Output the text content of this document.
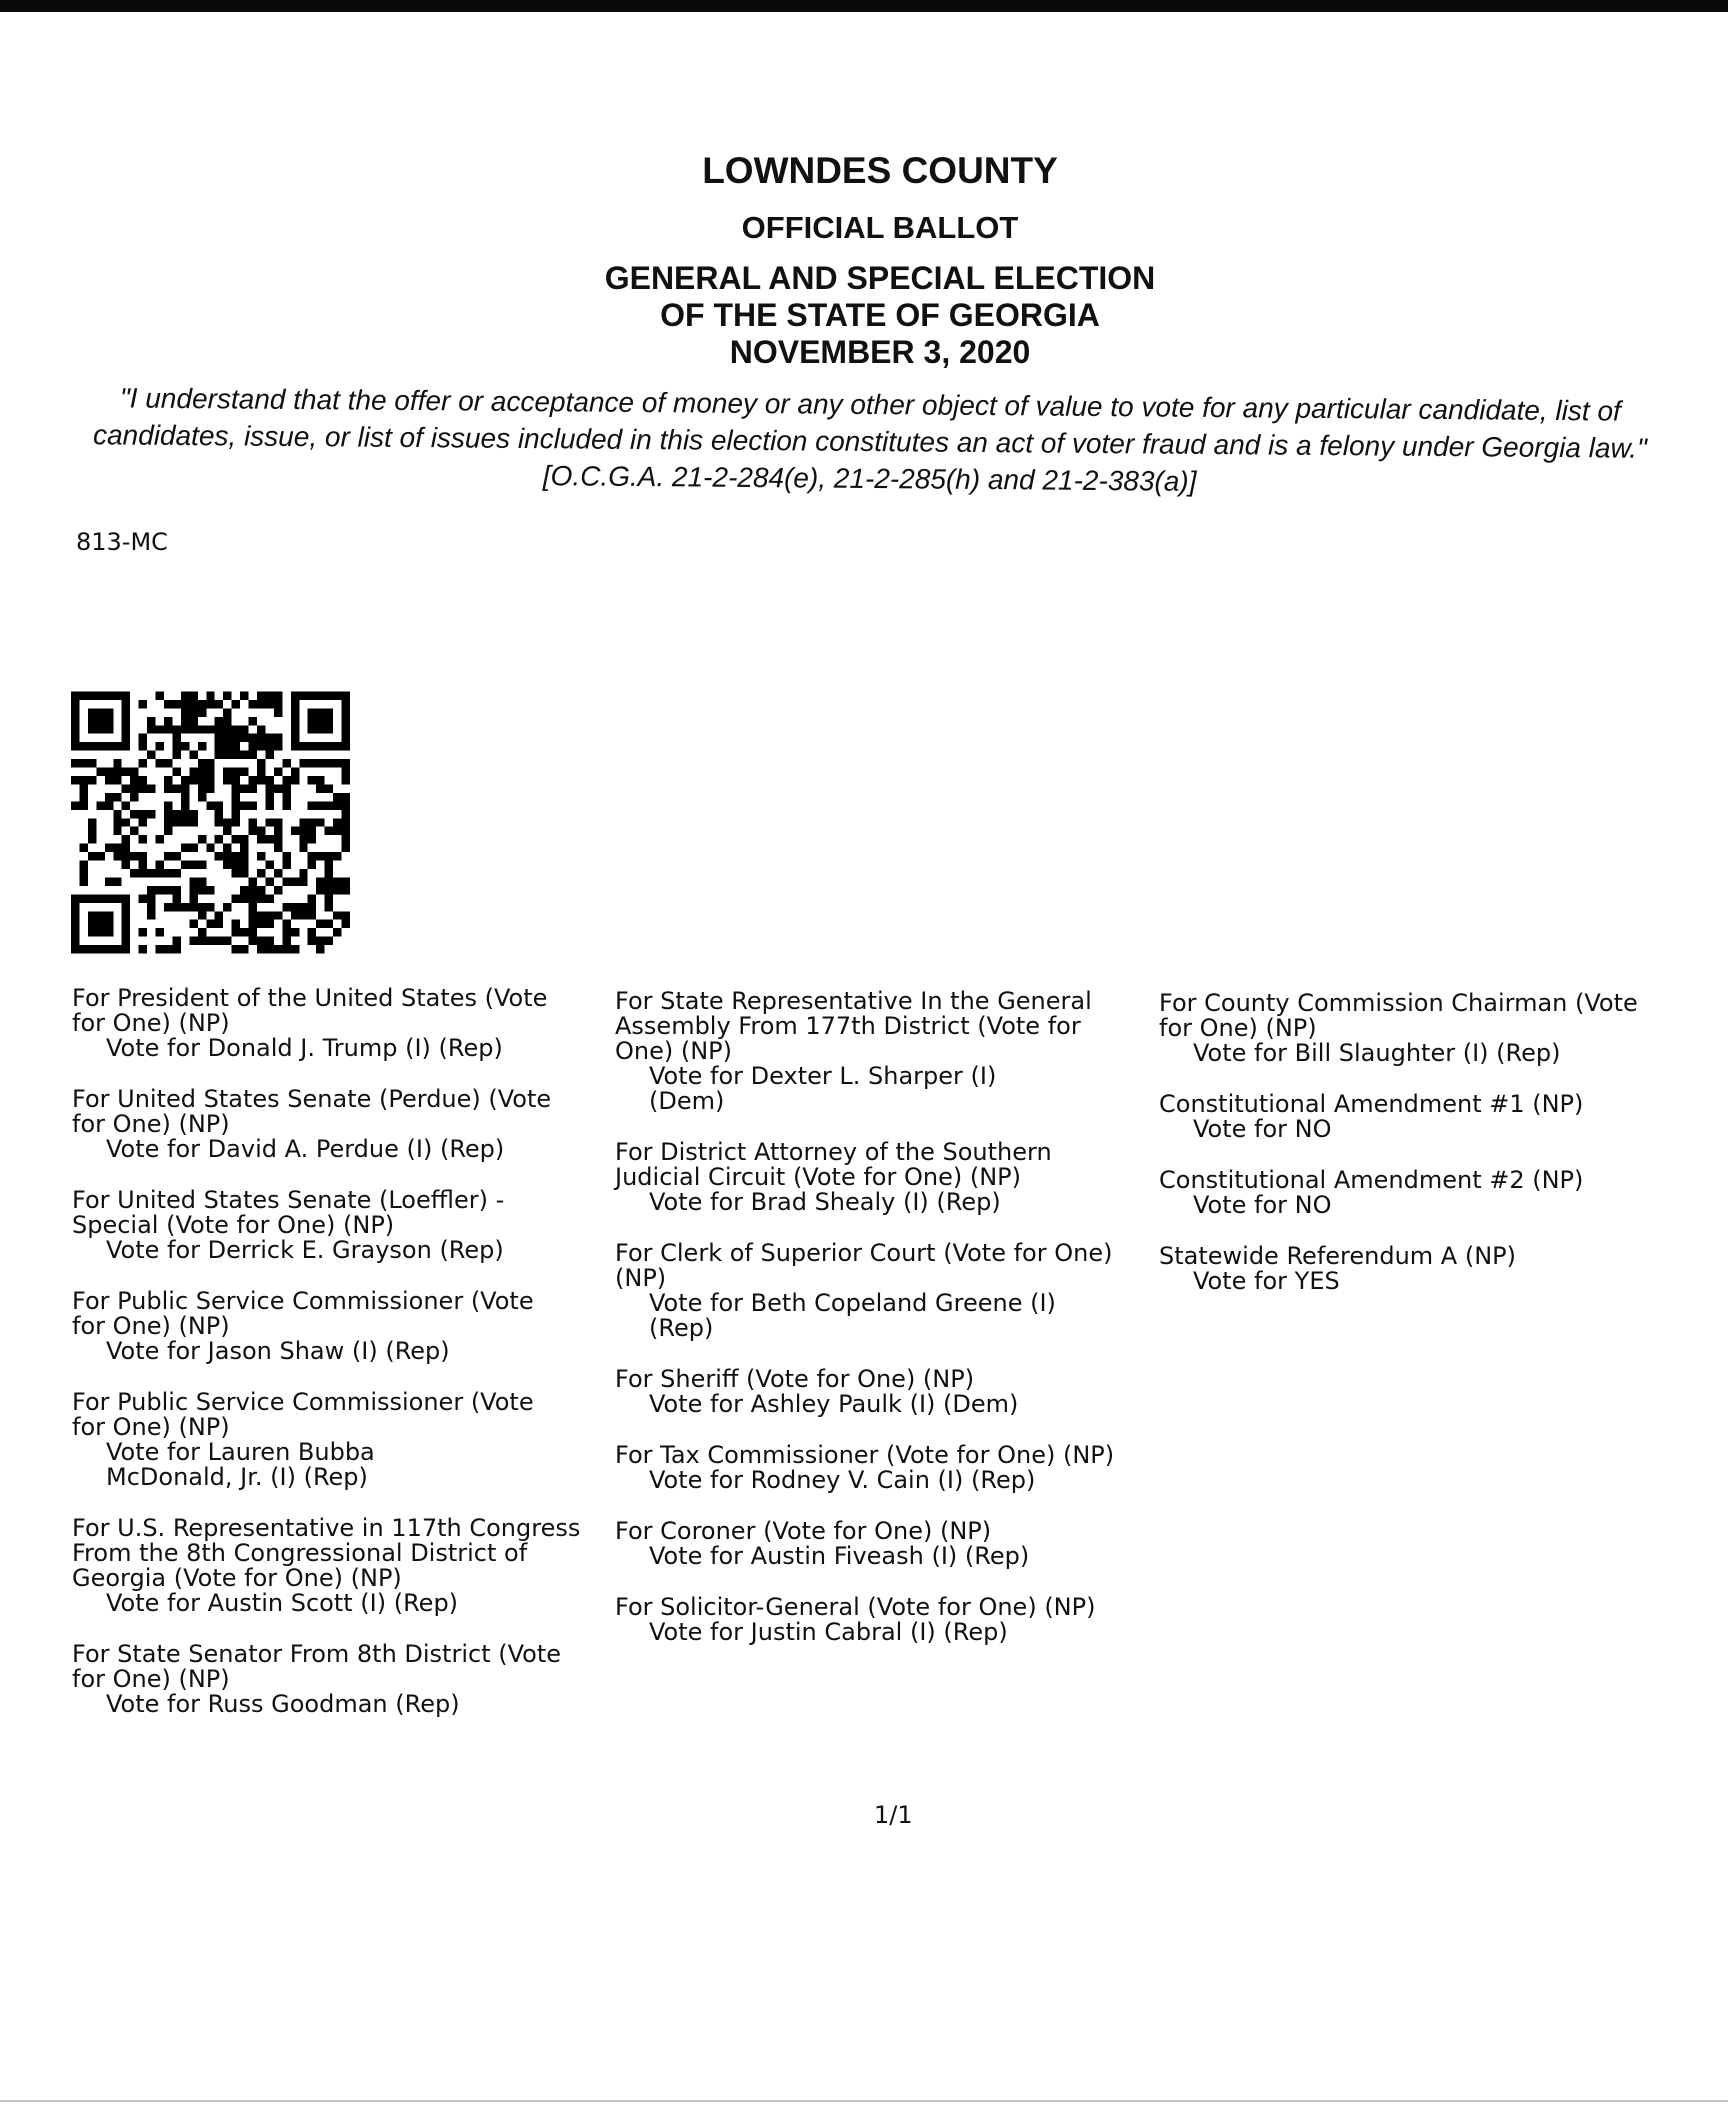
LOWNDES COUNTY
OFFICIAL BALLOT
GENERAL AND SPECIAL ELECTION
OF THE STATE OF GEORGIA
NOVEMBER 3, 2020
"I understand that the offer or acceptance of money or any other object of value to vote for any particular candidate, list of candidates, issue, or list of issues included in this election constitutes an act of voter fraud and is a felony under Georgia law."[O.C.G.A. 21-2-284(e), 21-2-285(h) and 21-2-383(a)]
813-MC
For President of the United States (Vote
for One) (NP)
Vote for Donald J. Trump (I) (Rep)
For United States Senate (Perdue) (Vote
for One) (NP)
Vote for David A. Perdue (I) (Rep)
For United States Senate (Loeffler) -
Special (Vote for One) (NP)
Vote for Derrick E. Grayson (Rep)
For Public Service Commissioner (Vote
for One) (NP)
Vote for Jason Shaw (I) (Rep)
For Public Service Commissioner (Vote
for One) (NP)
Vote for Lauren Bubba
McDonald, Jr. (I) (Rep)
For U.S. Representative in 117th Congress
From the 8th Congressional District of
Georgia (Vote for One) (NP)
Vote for Austin Scott (I) (Rep)
For State Senator From 8th District (Vote
for One) (NP)
Vote for Russ Goodman (Rep)
For State Representative In the General
Assembly From 177th District (Vote for
One) (NP)
Vote for Dexter L. Sharper (I)
(Dem)
For District Attorney of the Southern
Judicial Circuit (Vote for One) (NP)
Vote for Brad Shealy (I) (Rep)
For Clerk of Superior Court (Vote for One)
(NP)
Vote for Beth Copeland Greene (I)
(Rep)
For Sheriff (Vote for One) (NP)
Vote for Ashley Paulk (I) (Dem)
For Tax Commissioner (Vote for One) (NP)
Vote for Rodney V. Cain (I) (Rep)
For Coroner (Vote for One) (NP)
Vote for Austin Fiveash (I) (Rep)
For Solicitor-General (Vote for One) (NP)
Vote for Justin Cabral (I) (Rep)
For County Commission Chairman (Vote
for One) (NP)
Vote for Bill Slaughter (I) (Rep)
Constitutional Amendment #1 (NP)
Vote for NO
Constitutional Amendment #2 (NP)
Vote for NO
Statewide Referendum A (NP)
Vote for YES
1/1
